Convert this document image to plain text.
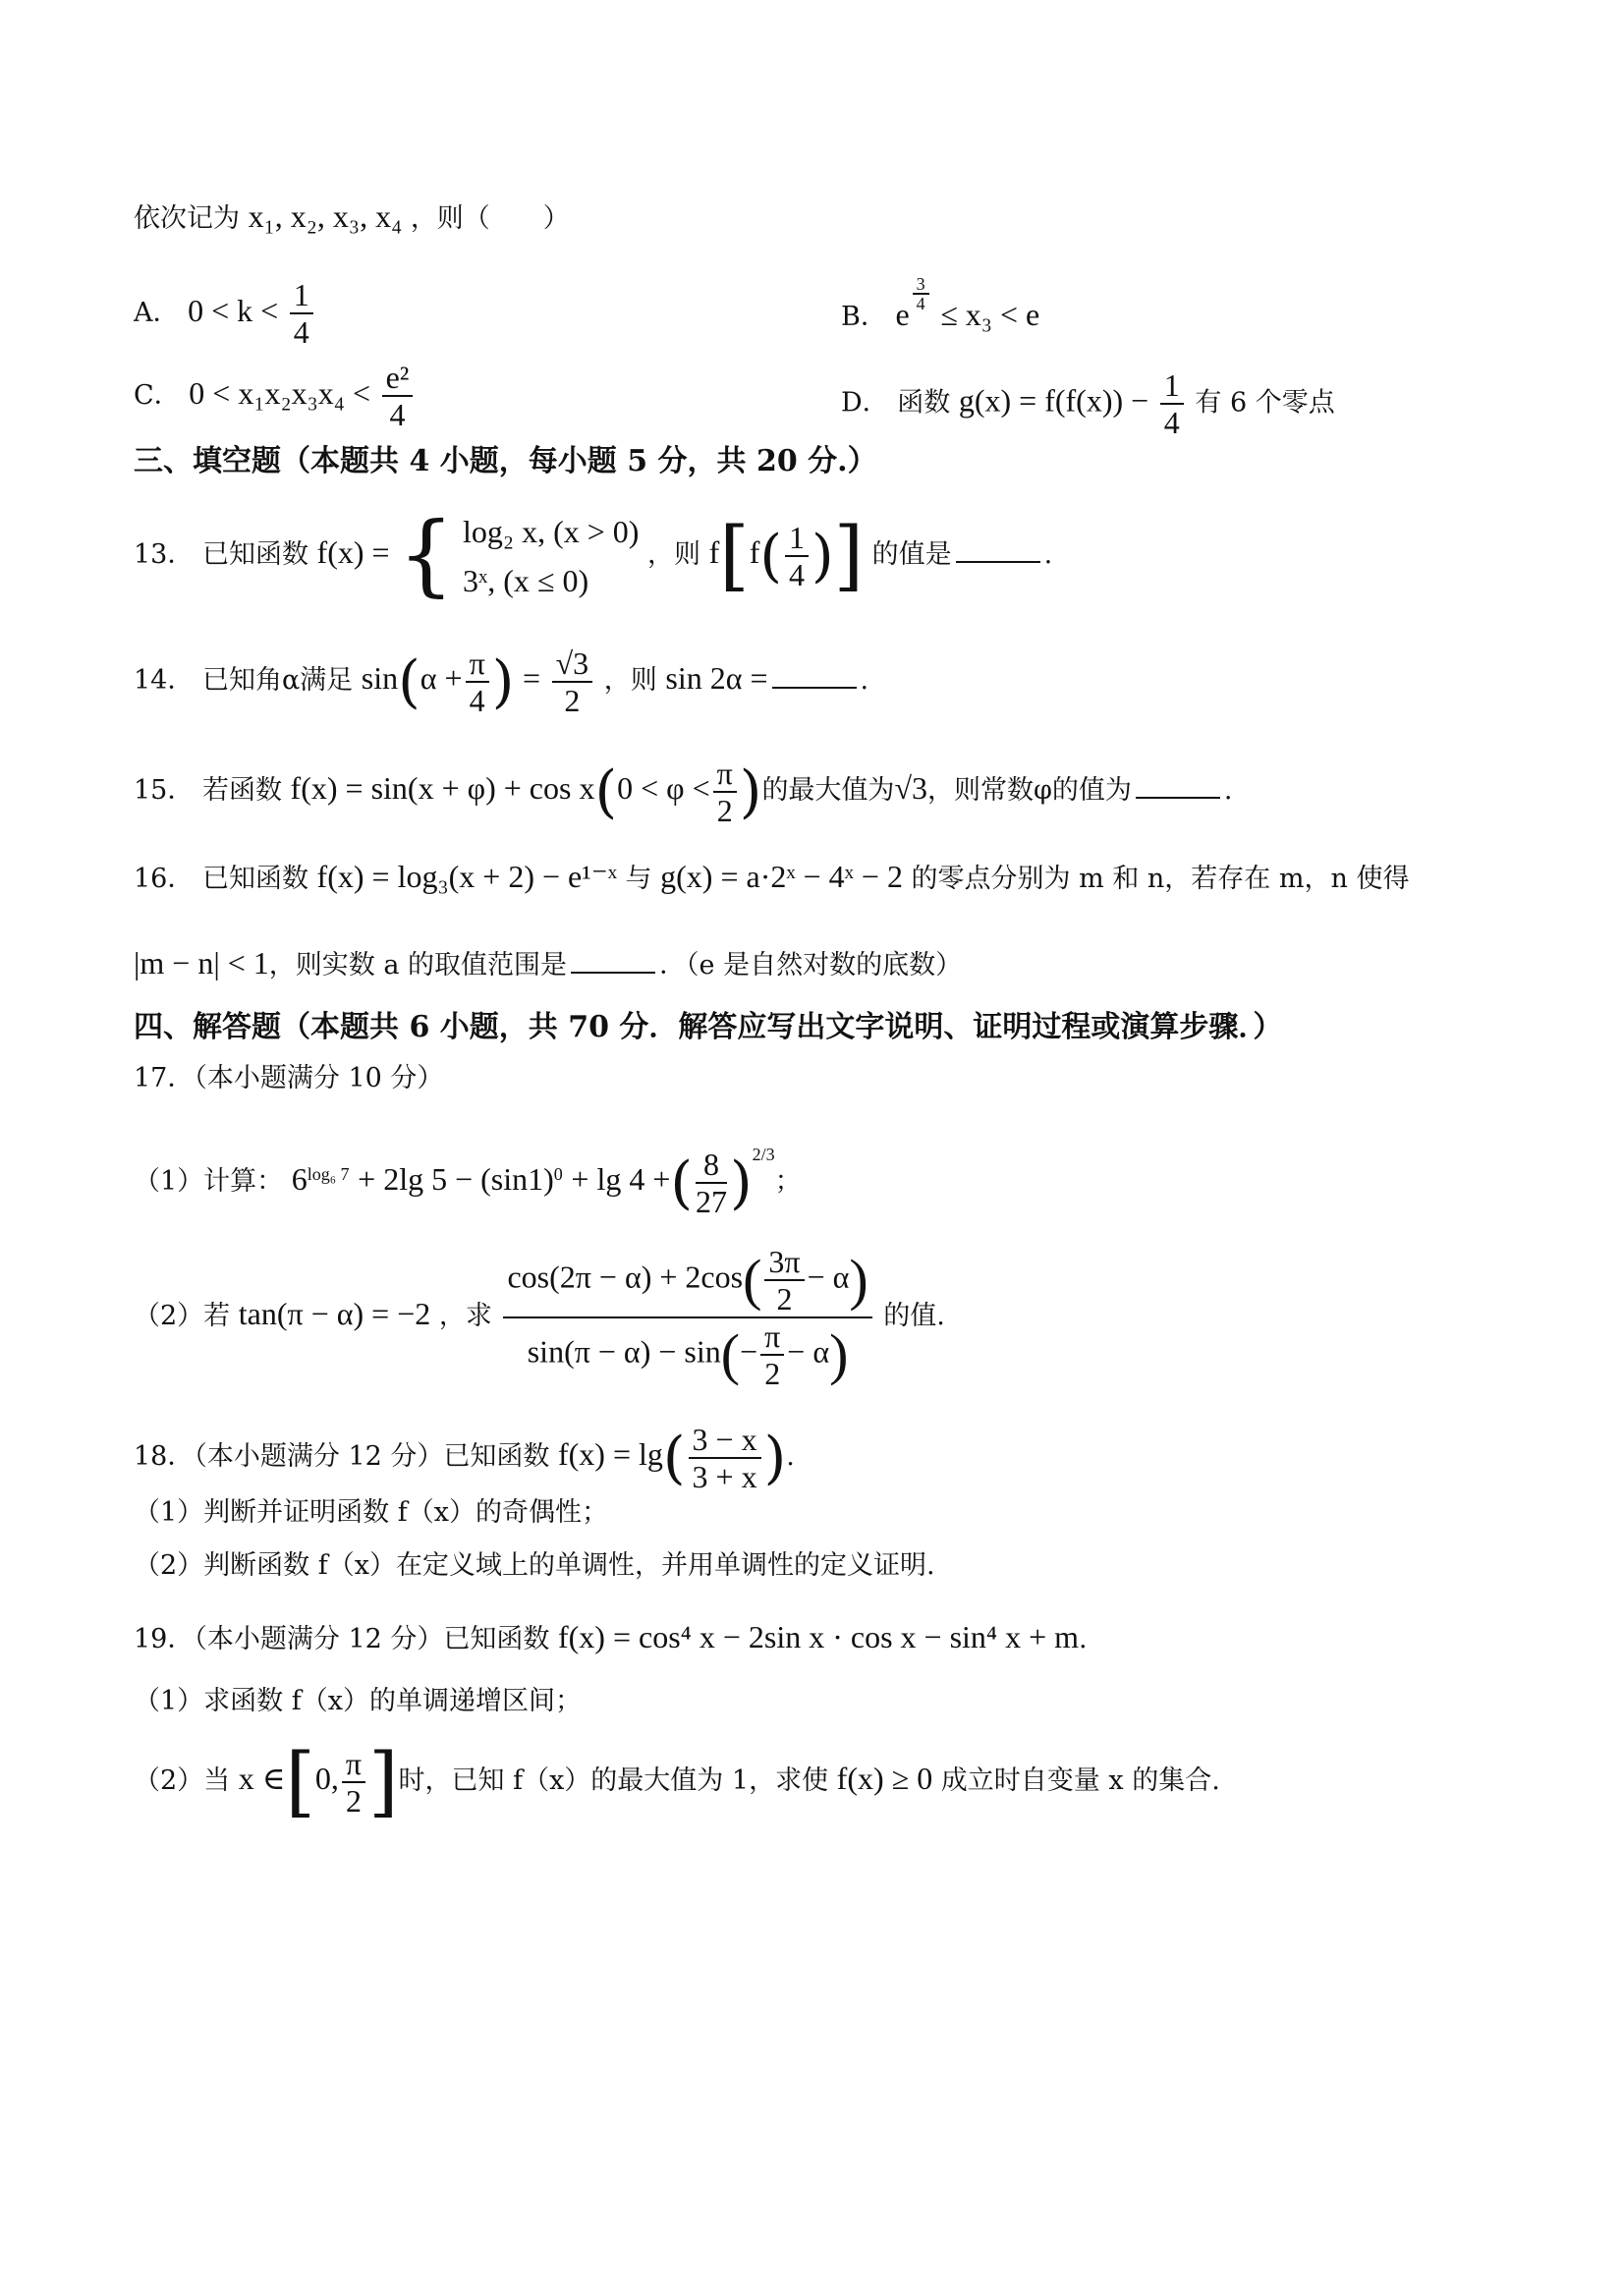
依次记为 x₁, x₂, x₃, x₄ ，则（　　）
A． $0 < k < \frac{1}{4}$	B． e
$\frac{3}{4}$
≤ x₃ < e
C． $0 < x_1x_2x_3x_4 < \frac{\text{e²}}{4}$	D． 函数 $g(x) = f(f(x)) - \frac{1}{4}$ 有 6 个零点
三、填空题（本题共 4 小题，每小题 5 分，共 20 分.）
13． 已知函数 f(x) = { log₂ x, (x > 0)
3ˣ, (x ≤ 0)
，则 $f[f( \frac{1}{4}$ )] 的值是	.
14． 已知角α满足 $\sin(\alpha + \frac{\pi}{4}$ ) = $\frac{√3}{2}$ ，则 sin 2α =	.
15． 若函数 $f(x) = \sin(x + \varphi) + \cos x(0 < \varphi < \frac{\pi}{2}$ )的最大值为√3，则常数φ的值为	.
16． 已知函数 f(x) = log₃(x + 2) − e¹⁻ˣ 与 g(x) = a·2ˣ − 4ˣ − 2 的零点分别为 m 和 n，若存在 m，n 使得
|m − n| < 1，则实数 a 的取值范围是	．（e 是自然对数的底数）
四、解答题（本题共 6 小题，共 70 分．解答应写出文字说明、证明过程或演算步骤．）
17．（本小题满分 10 分）
（1）计算： $6^{log_6 7} + 2\lg$ $5 - (\sin 1)^0 + \lg 4$ +( $\frac{8}{27} )^{2/3}$；
（2）若 tan(π − α) = −2 ，求 $\frac{\cos(2\pi - \alpha) + 2\cos( \frac{3\pi}{2} - \alpha)}{\sin(\pi - \alpha) - \sin(- \frac{\pi}{2} - \alpha)}$ 的值.
18．（本小题满分 12 分）已知函数 $f(x) = \lg( \frac{3 - x}{3 + x}$ ).
（1）判断并证明函数 f（x）的奇偶性；
（2）判断函数 f（x）在定义域上的单调性，并用单调性的定义证明.
19．（本小题满分 12 分）已知函数 f(x) = cos⁴ x − 2sin x · cos x − sin⁴ x + m.
（1）求函数 f（x）的单调递增区间；
（2）当 x ∈[0, $\frac{\pi}{2}$ ]时，已知 f（x）的最大值为 1，求使 f(x) ≥ 0 成立时自变量 x 的集合.
